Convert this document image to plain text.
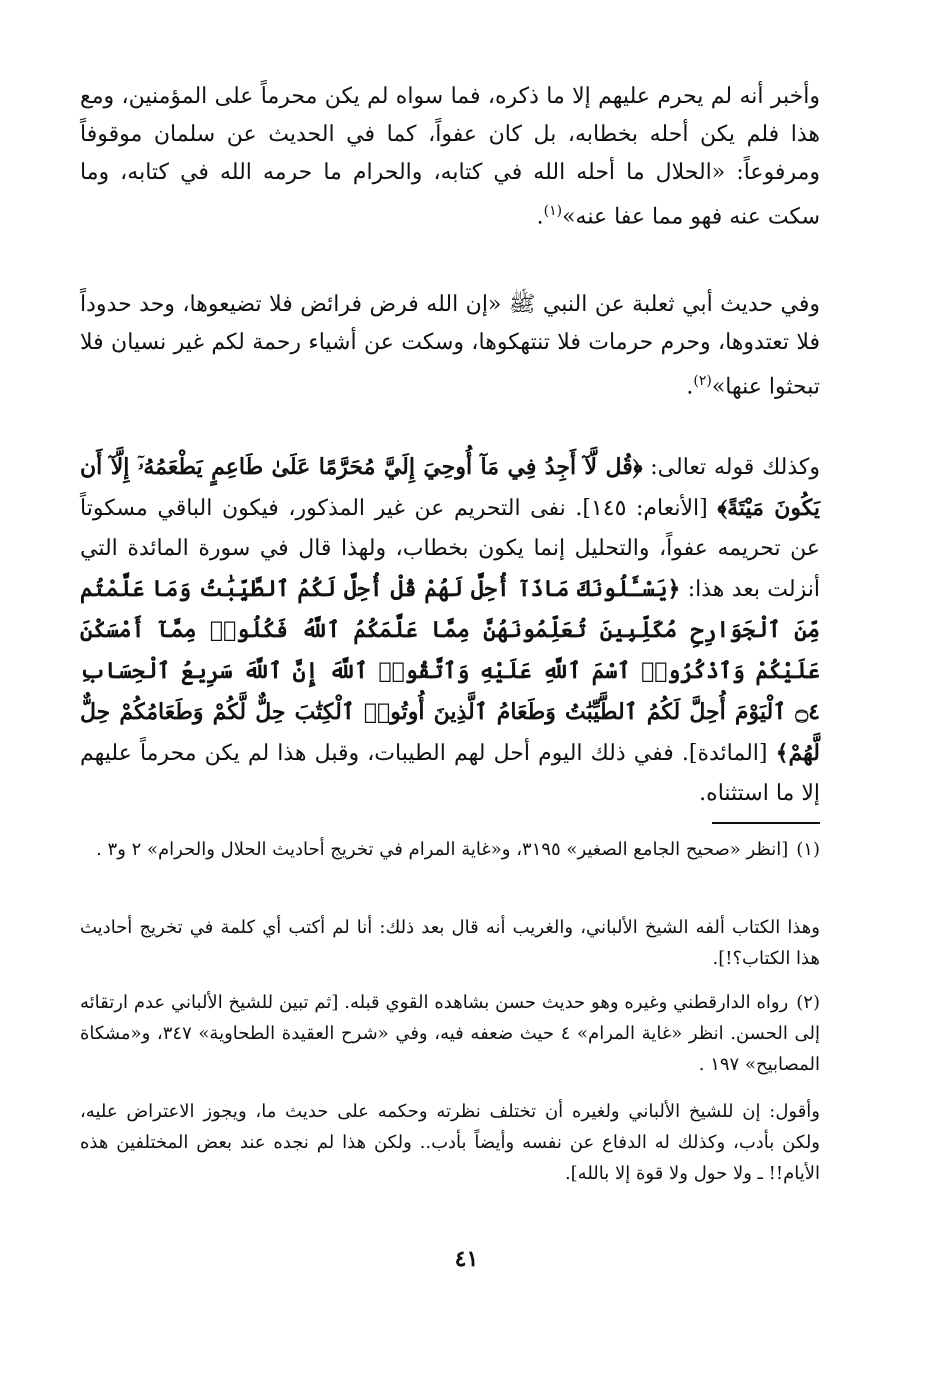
وأخبر أنه لم يحرم عليهم إلا ما ذكره، فما سواه لم يكن محرماً على المؤمنين، ومع هذا فلم يكن أحله بخطابه، بل كان عفواً، كما في الحديث عن سلمان موقوفاً ومرفوعاً: «الحلال ما أحله الله في كتابه، والحرام ما حرمه الله في كتابه، وما سكت عنه فهو مما عفا عنه»$^{(١)}$.
وفي حديث أبي ثعلبة عن النبي ﷺ «إن الله فرض فرائض فلا تضيعوها، وحد حدوداً فلا تعتدوها، وحرم حرمات فلا تنتهكوها، وسكت عن أشياء رحمة لكم غير نسيان فلا تبحثوا عنها»$^{(٢)}$.
وكذلك قوله تعالى: ﴿قُل لَّآ أَجِدُ فِي مَآ أُوحِيَ إِلَيَّ مُحَرَّمًا عَلَىٰ طَاعِمٍ يَطْعَمُهُۥٓ إِلَّآ أَن يَكُونَ مَيْتَةً﴾ [الأنعام: ١٤٥]. نفى التحريم عن غير المذكور، فيكون الباقي مسكوتاً عن تحريمه عفواً، والتحليل إنما يكون بخطاب، ولهذا قال في سورة المائدة التي أنزلت بعد هذا: ﴿يَسْـَٔلُونَكَ مَاذَآ أُحِلَّ لَهُمْ قُلْ أُحِلَّ لَكُمُ ٱلطَّيِّبَٰتُ وَمَا عَلَّمْتُم مِّنَ ٱلْجَوَارِحِ مُكَلِّبِينَ تُعَلِّمُونَهُنَّ مِمَّا عَلَّمَكُمُ ٱللَّهُ فَكُلُوا۟ مِمَّآ أَمْسَكْنَ عَلَيْكُمْ وَٱذْكُرُوا۟ ٱسْمَ ٱللَّهِ عَلَيْهِ وَٱتَّقُوا۟ ٱللَّهَ إِنَّ ٱللَّهَ سَرِيعُ ٱلْحِسَابِ ۝٤ ٱلْيَوْمَ أُحِلَّ لَكُمُ ٱلطَّيِّبَٰتُ وَطَعَامُ ٱلَّذِينَ أُوتُوا۟ ٱلْكِتَٰبَ حِلٌّ لَّكُمْ وَطَعَامُكُمْ حِلٌّ لَّهُمْ﴾ [المائدة]. ففي ذلك اليوم أحل لهم الطيبات، وقبل هذا لم يكن محرماً عليهم إلا ما استثناه.
(١)[انظر «صحيح الجامع الصغير» ٣١٩٥، و«غاية المرام في تخريج أحاديث الحلال والحرام» ٢ و٣ .
وهذا الكتاب ألفه الشيخ الألباني، والغريب أنه قال بعد ذلك: أنا لم أكتب أي كلمة في تخريج أحاديث هذا الكتاب؟!].
(٢)رواه الدارقطني وغيره وهو حديث حسن بشاهده القوي قبله. [ثم تبين للشيخ الألباني عدم ارتقائه إلى الحسن. انظر «غاية المرام» ٤ حيث ضعفه فيه، وفي «شرح العقيدة الطحاوية» ٣٤٧، و«مشكاة المصابيح» ١٩٧ .
وأقول: إن للشيخ الألباني ولغيره أن تختلف نظرته وحكمه على حديث ما، ويجوز الاعتراض عليه، ولكن بأدب، وكذلك له الدفاع عن نفسه وأيضاً بأدب.. ولكن هذا لم نجده عند بعض المختلفين هذه الأيام!! ـ ولا حول ولا قوة إلا بالله].
٤١
